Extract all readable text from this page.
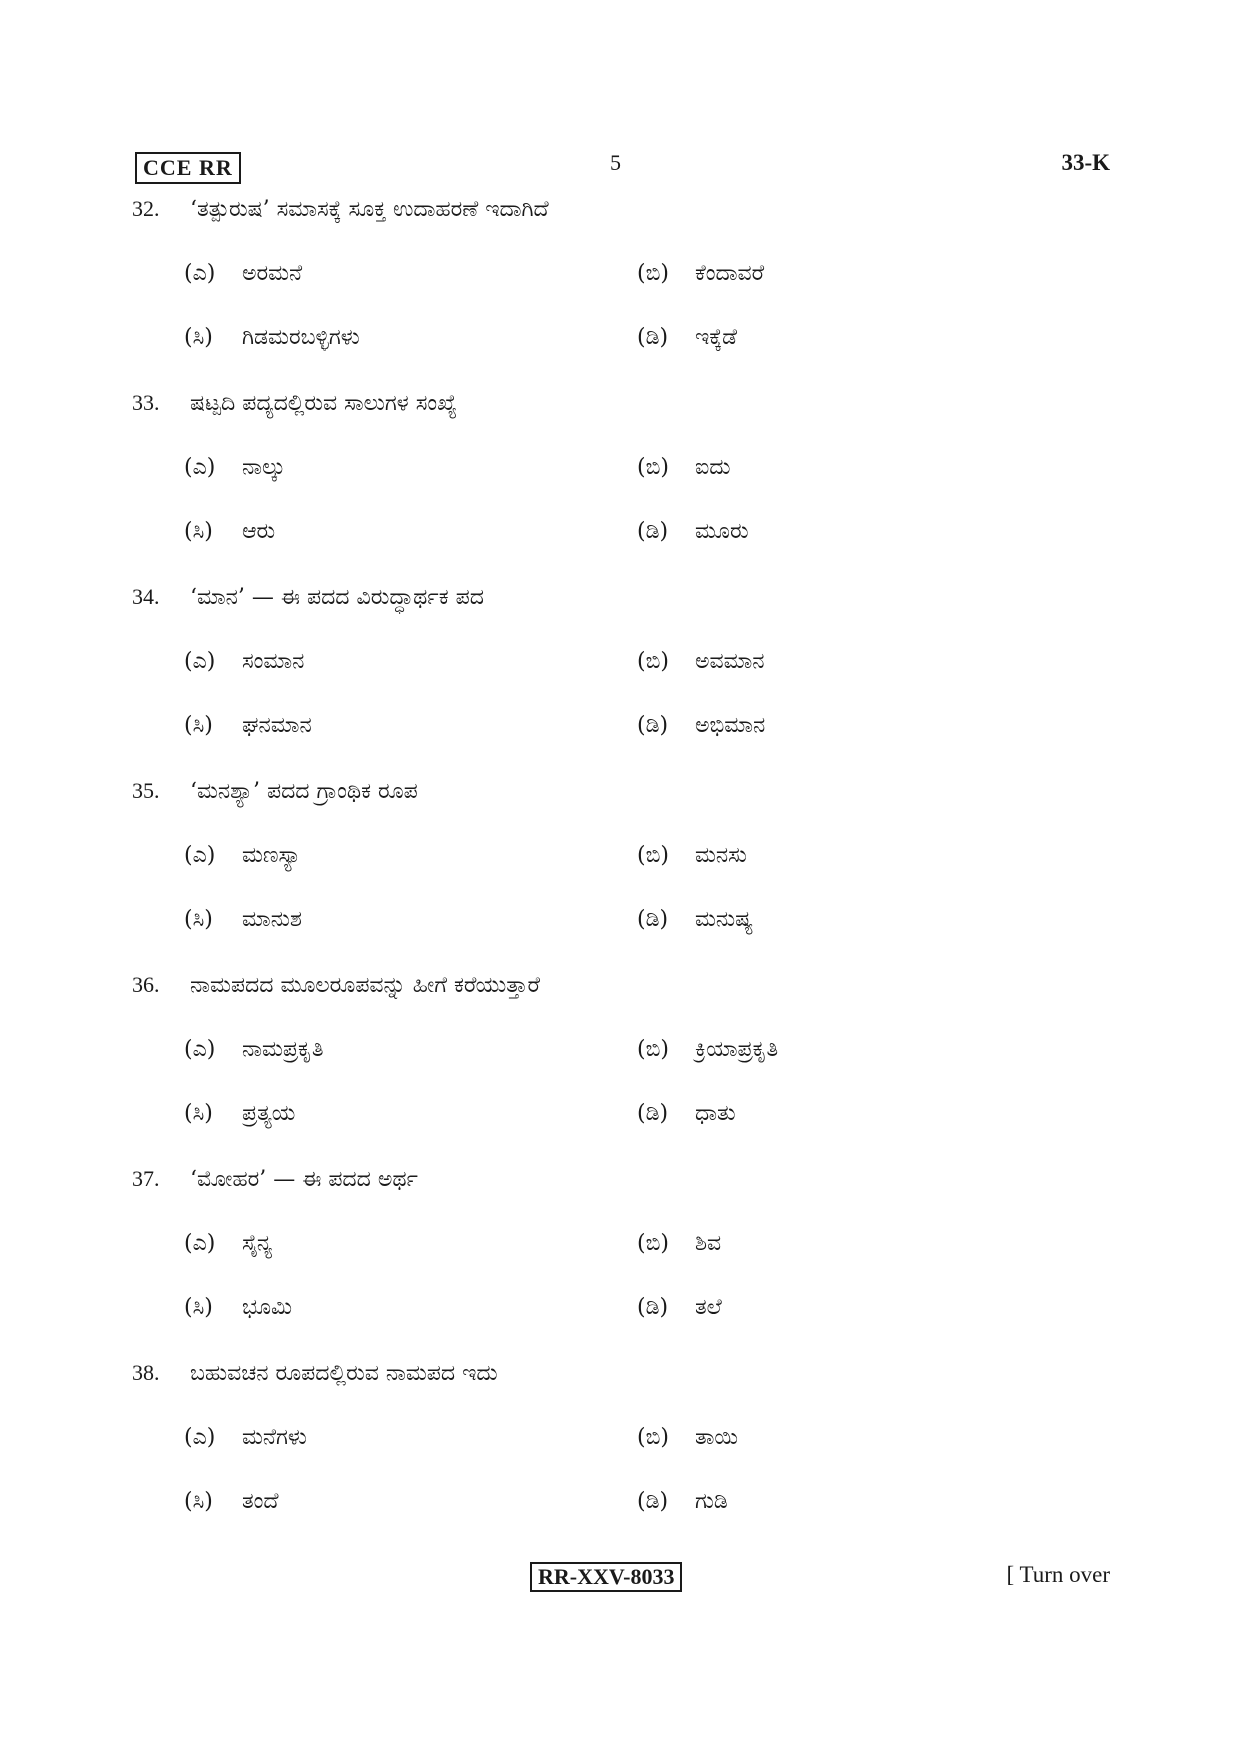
CCE RR	5	33-K
32. ‘ತತ್ಪುರುಷ’ ಸಮಾಸಕ್ಕೆ ಸೂಕ್ತ ಉದಾಹರಣೆ ಇದಾಗಿದೆ
(ಎ) ಅರಮನೆ	(ಬಿ) ಕೆಂದಾವರೆ
(ಸಿ) ಗಿಡಮರಬಳ್ಳಿಗಳು	(ಡಿ) ಇಕ್ಕೆಡೆ
33. ಷಟ್ಪದಿ ಪದ್ಯದಲ್ಲಿರುವ ಸಾಲುಗಳ ಸಂಖ್ಯೆ
(ಎ) ನಾಲ್ಕು	(ಬಿ) ಐದು
(ಸಿ) ಆರು	(ಡಿ) ಮೂರು
34. ‘ಮಾನ’ — ಈ ಪದದ ವಿರುದ್ಧಾರ್ಥಕ ಪದ
(ಎ) ಸಂಮಾನ	(ಬಿ) ಅವಮಾನ
(ಸಿ) ಘನಮಾನ	(ಡಿ) ಅಭಿಮಾನ
35. ‘ಮನಶ್ಯಾ’ ಪದದ ಗ್ರಾಂಥಿಕ ರೂಪ
(ಎ) ಮಣಸ್ಯಾ	(ಬಿ) ಮನಸು
(ಸಿ) ಮಾನುಶ	(ಡಿ) ಮನುಷ್ಯ
36. ನಾಮಪದದ ಮೂಲರೂಪವನ್ನು ಹೀಗೆ ಕರೆಯುತ್ತಾರೆ
(ಎ) ನಾಮಪ್ರಕೃತಿ	(ಬಿ) ಕ್ರಿಯಾಪ್ರಕೃತಿ
(ಸಿ) ಪ್ರತ್ಯಯ	(ಡಿ) ಧಾತು
37. ‘ಮೋಹರ’ — ಈ ಪದದ ಅರ್ಥ
(ಎ) ಸೈನ್ಯ	(ಬಿ) ಶಿವ
(ಸಿ) ಭೂಮಿ	(ಡಿ) ತಲೆ
38. ಬಹುವಚನ ರೂಪದಲ್ಲಿರುವ ನಾಮಪದ ಇದು
(ಎ) ಮನೆಗಳು	(ಬಿ) ತಾಯಿ
(ಸಿ) ತಂದೆ	(ಡಿ) ಗುಡಿ
RR-XXV-8033	[ Turn over
